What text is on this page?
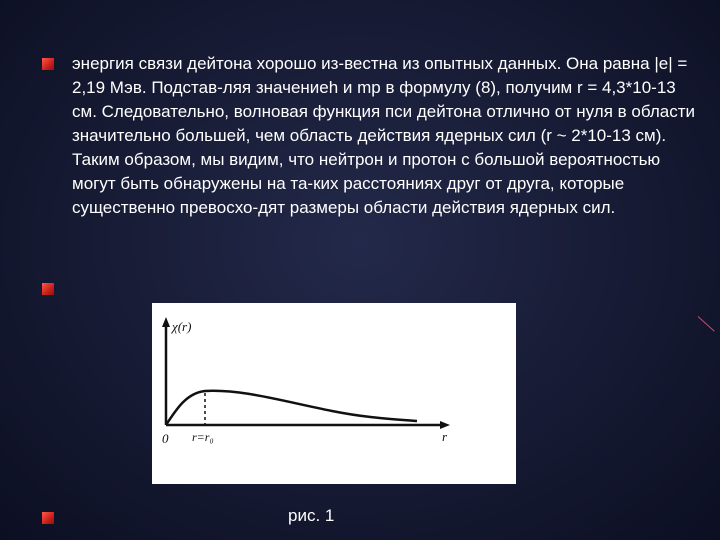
энергия связи дейтона хорошо из-вестна из опытных данных. Она равна |е| = 2,19 Мэв. Подстав-ляя значениеh и mp в формулу (8), получим r = 4,3*10-13 см. Следовательно, волновая функция пси дейтона отлично от нуля в области значительно большей, чем область действия ядерных сил (r ~ 2*10-13 см). Таким образом, мы видим, что нейтрон и протон с большой вероятностью могут быть обнаружены на та-ких расстояниях друг от друга, которые существенно превосхо-дят размеры области действия ядерных сил.

χ(r)
0 r=r₀	r
рис. 1
